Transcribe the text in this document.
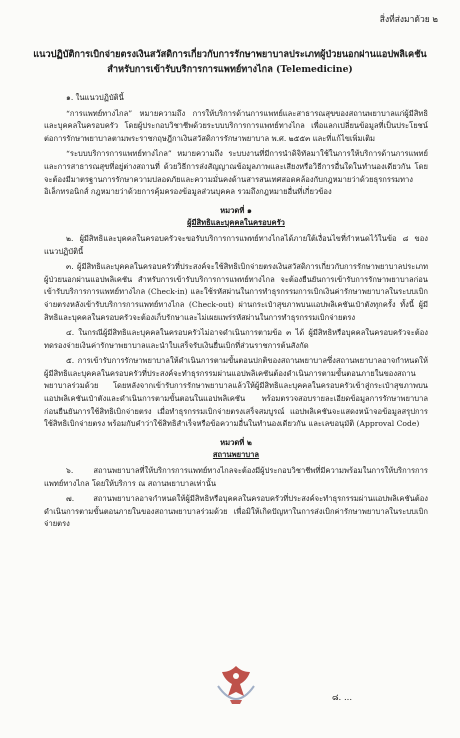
สิ่งที่ส่งมาด้วย ๒
แนวปฏิบัติการเบิกจ่ายตรงเงินสวัสดิการเกี่ยวกับการรักษาพยาบาลประเภทผู้ป่วยนอกผ่านแอปพลิเคชัน
สำหรับการเข้ารับบริการการแพทย์ทางไกล (Telemedicine)

๑. ในแนวปฏิบัตินี้

“การแพทย์ทางไกล” หมายความถึง การให้บริการด้านการแพทย์และสาธารณสุขของสถานพยาบาลแก่ผู้มีสิทธิและบุคคลในครอบครัว โดยผู้ประกอบวิชาชีพด้วยระบบบริการการแพทย์ทางไกล เพื่อแลกเปลี่ยนข้อมูลที่เป็นประโยชน์ต่อการรักษาพยาบาลตามพระราชกฤษฎีกาเงินสวัสดิการรักษาพยาบาล พ.ศ. ๒๕๕๓ และที่แก้ไขเพิ่มเติม

“ระบบบริการการแพทย์ทางไกล” หมายความถึง ระบบงานที่มีการนำดิจิทัลมาใช้ในการให้บริการด้านการแพทย์และการสาธารณสุขที่อยู่ต่างสถานที่ ด้วยวิธีการส่งสัญญาณข้อมูลภาพและเสียงหรือวิธีการอื่นใดในทำนองเดียวกัน โดยจะต้องมีมาตรฐานการรักษาความปลอดภัยและความมั่นคงด้านสารสนเทศสอดคล้องกับกฎหมายว่าด้วยธุรกรรมทางอิเล็กทรอนิกส์ กฎหมายว่าด้วยการคุ้มครองข้อมูลส่วนบุคคล รวมถึงกฎหมายอื่นที่เกี่ยวข้อง

หมวดที่ ๑
ผู้มีสิทธิและบุคคลในครอบครัว

๒. ผู้มีสิทธิและบุคคลในครอบครัวจะขอรับบริการการแพทย์ทางไกลได้ภายใต้เงื่อนไขที่กำหนดไว้ในข้อ ๘ ของแนวปฏิบัตินี้

๓. ผู้มีสิทธิและบุคคลในครอบครัวที่ประสงค์จะใช้สิทธิเบิกจ่ายตรงเงินสวัสดิการเกี่ยวกับการรักษาพยาบาลประเภทผู้ป่วยนอกผ่านแอปพลิเคชัน สำหรับการเข้ารับบริการการแพทย์ทางไกล จะต้องยืนยันการเข้ารับการรักษาพยาบาลก่อนเข้ารับบริการการแพทย์ทางไกล (Check-in) และใช้รหัสผ่านในการทำธุรกรรมการเบิกเงินค่ารักษาพยาบาลในระบบเบิกจ่ายตรงหลังเข้ารับบริการการแพทย์ทางไกล (Check-out) ผ่านกระเป๋าสุขภาพบนแอปพลิเคชันเป๋าตังทุกครั้ง ทั้งนี้ ผู้มีสิทธิและบุคคลในครอบครัวจะต้องเก็บรักษาและไม่เผยแพร่รหัสผ่านในการทำธุรกรรมเบิกจ่ายตรง

๔. ในกรณีผู้มีสิทธิและบุคคลในครอบครัวไม่อาจดำเนินการตามข้อ ๓ ได้ ผู้มีสิทธิหรือบุคคลในครอบครัวจะต้องทดรองจ่ายเงินค่ารักษาพยาบาลและนำใบเสร็จรับเงินยื่นเบิกที่ส่วนราชการต้นสังกัด

๕. การเข้ารับการรักษาพยาบาลให้ดำเนินการตามขั้นตอนปกติของสถานพยาบาลซึ่งสถานพยาบาลอาจกำหนดให้ผู้มีสิทธิและบุคคลในครอบครัวที่ประสงค์จะทำธุรกรรมผ่านแอปพลิเคชันต้องดำเนินการตามขั้นตอนภายในของสถานพยาบาลร่วมด้วย โดยหลังจากเข้ารับการรักษาพยาบาลแล้วให้ผู้มีสิทธิและบุคคลในครอบครัวเข้าสู่กระเป๋าสุขภาพบนแอปพลิเคชันเป๋าตังและดำเนินการตามขั้นตอนในแอปพลิเคชัน พร้อมตรวจสอบรายละเอียดข้อมูลการรักษาพยาบาลก่อนยืนยันการใช้สิทธิเบิกจ่ายตรง เมื่อทำธุรกรรมเบิกจ่ายตรงเสร็จสมบูรณ์ แอปพลิเคชันจะแสดงหน้าจอข้อมูลสรุปการใช้สิทธิเบิกจ่ายตรง พร้อมกับคำว่าใช้สิทธิสำเร็จหรือข้อความอื่นในทำนองเดียวกัน และเลขอนุมัติ (Approval Code)

หมวดที่ ๒
สถานพยาบาล

๖. สถานพยาบาลที่ให้บริการการแพทย์ทางไกลจะต้องมีผู้ประกอบวิชาชีพที่มีความพร้อมในการให้บริการการแพทย์ทางไกล โดยให้บริการ ณ สถานพยาบาลเท่านั้น

๗. สถานพยาบาลอาจกำหนดให้ผู้มีสิทธิหรือบุคคลในครอบครัวที่ประสงค์จะทำธุรกรรมผ่านแอปพลิเคชันต้องดำเนินการตามขั้นตอนภายในของสถานพยาบาลร่วมด้วย เพื่อมิให้เกิดปัญหาในการส่งเบิกค่ารักษาพยาบาลในระบบเบิกจ่ายตรง

๘. ...
